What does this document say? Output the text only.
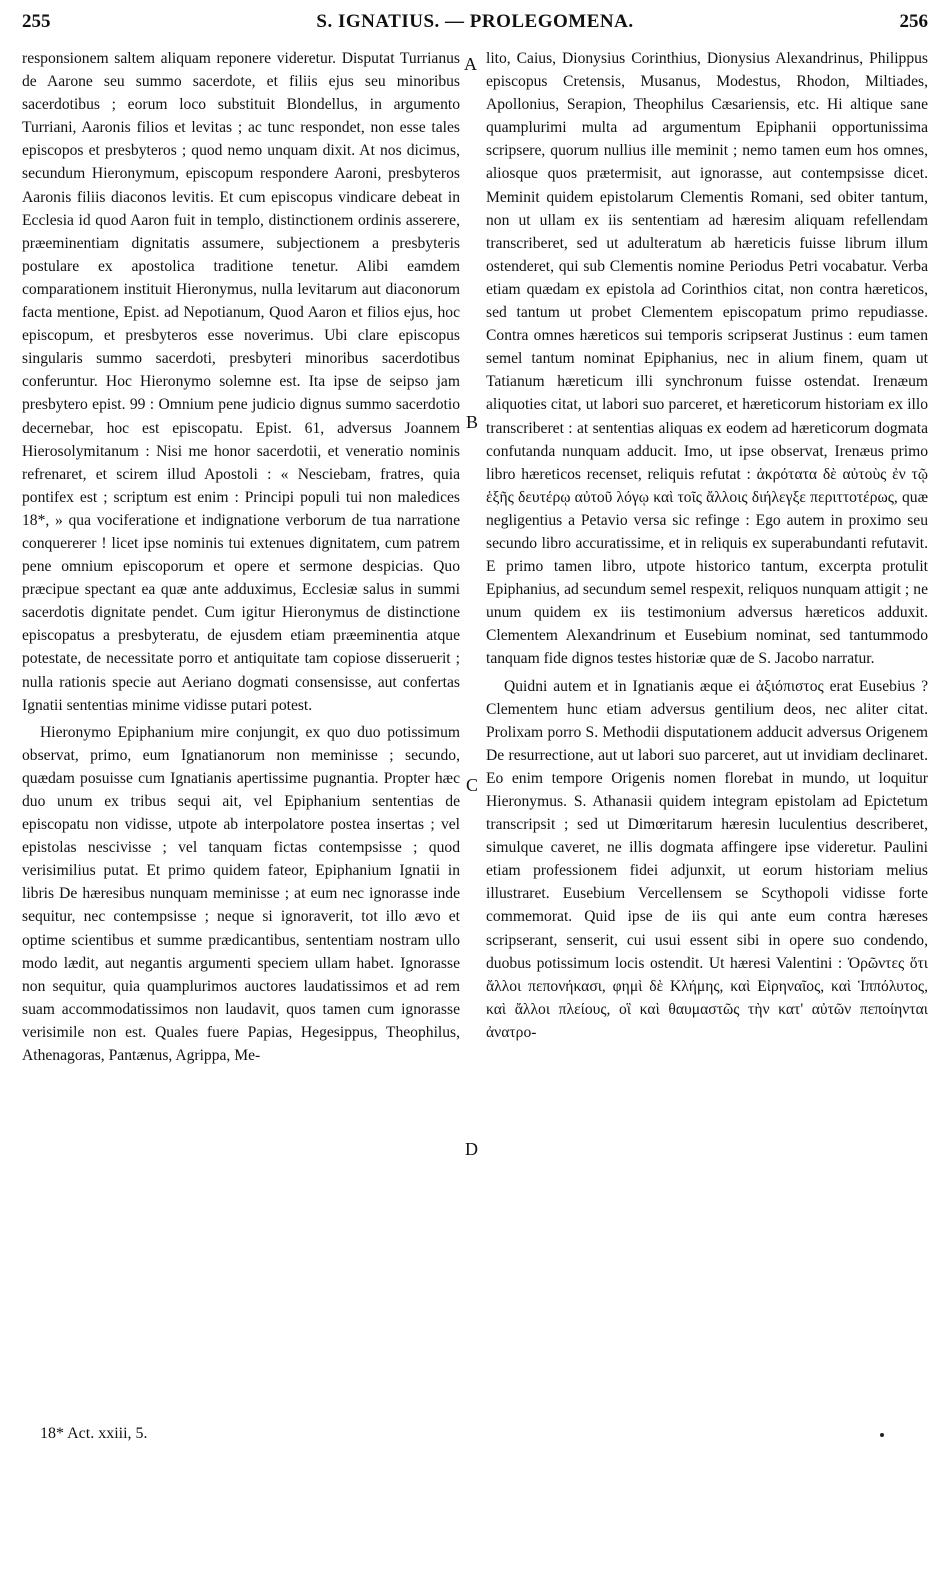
255	S. IGNATIUS. — PROLEGOMENA.	256

responsionem saltem aliquam reponere videretur. Disputat Turrianus de Aarone seu summo sacerdote, et filiis ejus seu minoribus sacerdotibus ; eorum loco substituit Blondellus, in argumento Turriani, Aaronis filios et levitas ; ac tunc respondet, non esse tales episcopos et presbyteros ; quod nemo unquam dixit. At nos dicimus, secundum Hieronymum, episcopum respondere Aaroni, presbyteros Aaronis filiis diaconos levitis. Et cum episcopus vindicare debeat in Ecclesia id quod Aaron fuit in templo, distinctionem ordinis asserere, præeminentiam dignitatis assumere, subjectionem a presbyteris postulare ex apostolica traditione tenetur. Alibi eamdem comparationem instituit Hieronymus, nulla levitarum aut diaconorum facta mentione, Epist. ad Nepotianum, Quod Aaron et filios ejus, hoc episcopum, et presbyteros esse noverimus. Ubi clare episcopus singularis summo sacerdoti, presbyteri minoribus sacerdotibus conferuntur. Hoc Hieronymo solemne est. Ita ipse de seipso jam presbytero epist. 99 : Omnium pene judicio dignus summo sacerdotio decernebar, hoc est episcopatu. Epist. 61, adversus Joannem Hierosolymitanum : Nisi me honor sacerdotii, et veneratio nominis refrenaret, et scirem illud Apostoli : « Nesciebam, fratres, quia pontifex est ; scriptum est enim : Principi populi tui non maledices 18*, » qua vociferatione et indignatione verborum de tua narratione conquererer ! licet ipse nominis tui extenues dignitatem, cum patrem pene omnium episcoporum et opere et sermone despicias. Quo præcipue spectant ea quæ ante adduximus, Ecclesiæ salus in summi sacerdotis dignitate pendet. Cum igitur Hieronymus de distinctione episcopatus a presbyteratu, de ejusdem etiam præeminentia atque potestate, de necessitate porro et antiquitate tam copiose disseruerit ; nulla rationis specie aut Aeriano dogmati consensisse, aut confertas Ignatii sententias minime vidisse putari potest.

Hieronymo Epiphanium mire conjungit, ex quo duo potissimum observat, primo, eum Ignatianorum non meminisse ; secundo, quædam posuisse cum Ignatianis apertissime pugnantia. Propter hæc duo unum ex tribus sequi ait, vel Epiphanium sententias de episcopatu non vidisse, utpote ab interpolatore postea insertas ; vel epistolas nescivisse ; vel tanquam fictas contempsisse ; quod verisimilius putat. Et primo quidem fateor, Epiphanium Ignatii in libris De hæresibus nunquam meminisse ; at eum nec ignorasse inde sequitur, nec contempsisse ; neque si ignoraverit, tot illo ævo et optime scientibus et summe prædicantibus, sententiam nostram ullo modo lædit, aut negantis argumenti speciem ullam habet. Ignorasse non sequitur, quia quamplurimos auctores laudatissimos et ad rem suam accommodatissimos non laudavit, quos tamen cum ignorasse verisimile non est. Quales fuere Papias, Hegesippus, Theophilus, Athenagoras, Pantænus, Agrippa, Me-

A
B
C
D

lito, Caius, Dionysius Corinthius, Dionysius Alexandrinus, Philippus episcopus Cretensis, Musanus, Modestus, Rhodon, Miltiades, Apollonius, Serapion, Theophilus Cæsariensis, etc. Hi altique sane quamplurimi multa ad argumentum Epiphanii opportunissima scripsere, quorum nullius ille meminit ; nemo tamen eum hos omnes, aliosque quos prætermisit, aut ignorasse, aut contempsisse dicet. Meminit quidem epistolarum Clementis Romani, sed obiter tantum, non ut ullam ex iis sententiam ad hæresim aliquam refellendam transcriberet, sed ut adulteratum ab hæreticis fuisse librum illum ostenderet, qui sub Clementis nomine Periodus Petri vocabatur. Verba etiam quædam ex epistola ad Corinthios citat, non contra hæreticos, sed tantum ut probet Clementem episcopatum primo repudiasse. Contra omnes hæreticos sui temporis scripserat Justinus : eum tamen semel tantum nominat Epiphanius, nec in alium finem, quam ut Tatianum hæreticum illi synchronum fuisse ostendat. Irenæum aliquoties citat, ut labori suo parceret, et hæreticorum historiam ex illo transcriberet : at sententias aliquas ex eodem ad hæreticorum dogmata confutanda nunquam adducit. Imo, ut ipse observat, Irenæus primo libro hæreticos recenset, reliquis refutat : ἀκρότατα δὲ αὐτοὺς ἐν τῷ ἑξῆς δευτέρῳ αὐτοῦ λόγῳ καὶ τοῖς ἄλλοις διήλεγξε περιττοτέρως, quæ negligentius a Petavio versa sic refinge : Ego autem in proximo seu secundo libro accuratissime, et in reliquis ex superabundanti refutavit. E primo tamen libro, utpote historico tantum, excerpta protulit Epiphanius, ad secundum semel respexit, reliquos nunquam attigit ; ne unum quidem ex iis testimonium adversus hæreticos adduxit. Clementem Alexandrinum et Eusebium nominat, sed tantummodo tanquam fide dignos testes historiæ quæ de S. Jacobo narratur.

Quidni autem et in Ignatianis æque ei ἀξιόπιστος erat Eusebius ? Clementem hunc etiam adversus gentilium deos, nec aliter citat. Prolixam porro S. Methodii disputationem adducit adversus Origenem De resurrectione, aut ut labori suo parceret, aut ut invidiam declinaret. Eo enim tempore Origenis nomen florebat in mundo, ut loquitur Hieronymus. S. Athanasii quidem integram epistolam ad Epictetum transcripsit ; sed ut Dimœritarum hæresin luculentius describeret, simulque caveret, ne illis dogmata affingere ipse videretur. Paulini etiam professionem fidei adjunxit, ut eorum historiam melius illustraret. Eusebium Vercellensem se Scythopoli vidisse forte commemorat. Quid ipse de iis qui ante eum contra hæreses scripserant, senserit, cui usui essent sibi in opere suo condendo, duobus potissimum locis ostendit. Ut hæresi Valentini : Ὁρῶντες ὅτι ἄλλοι πεπονήκασι, φημὶ δὲ Κλήμης, καὶ Εἰρηναῖος, καὶ Ἱππόλυτος, καὶ ἄλλοι πλείους, οἳ καὶ θαυμαστῶς τὴν κατ' αὐτῶν πεποίηνται ἀνατρο-

18* Act. xxiii, 5.
